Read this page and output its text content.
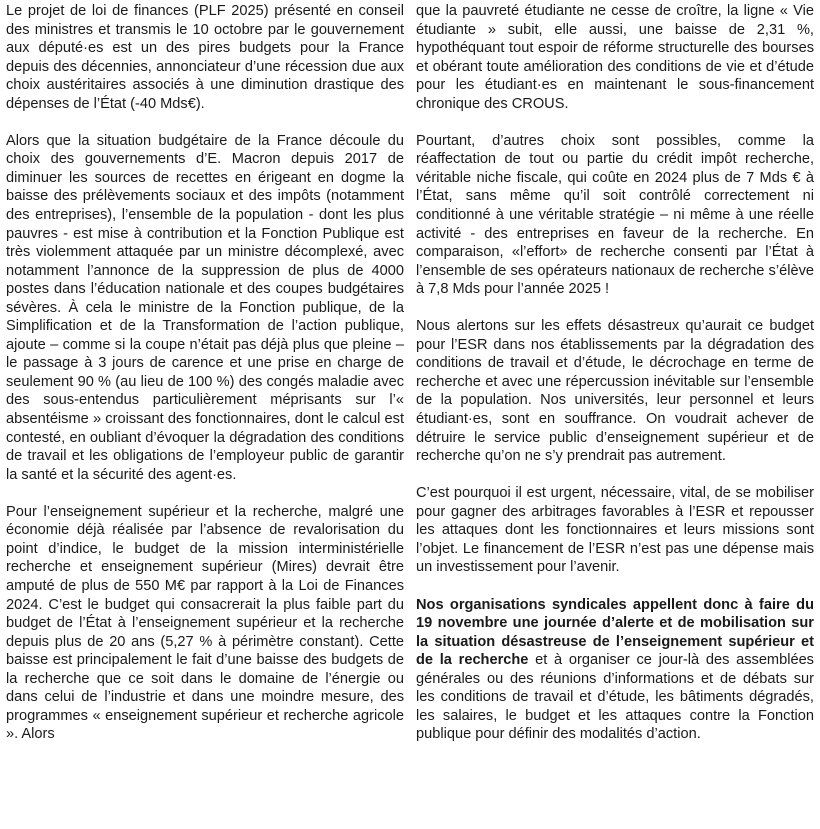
Le projet de loi de finances (PLF 2025) présenté en conseil des ministres et transmis le 10 octobre par le gouvernement aux député·es est un des pires budgets pour la France depuis des décennies, annonciateur d’une récession due aux choix austéritaires associés à une diminution drastique des dépenses de l’État (-40 Mds€).

Alors que la situation budgétaire de la France découle du choix des gouvernements d’E. Macron depuis 2017 de diminuer les sources de recettes en érigeant en dogme la baisse des prélèvements sociaux et des impôts (notamment des entreprises), l’ensemble de la population - dont les plus pauvres - est mise à contribution et la Fonction Publique est très violemment attaquée par un ministre décomplexé, avec notamment l’annonce de la suppression de plus de 4000 postes dans l’éducation nationale et des coupes budgétaires sévères. À cela le ministre de la Fonction publique, de la Simplification et de la Transformation de l’action publique, ajoute – comme si la coupe n’était pas déjà plus que pleine – le passage à 3 jours de carence et une prise en charge de seulement 90 % (au lieu de 100 %) des congés maladie avec des sous-entendus particulièrement méprisants sur l’« absentéisme » croissant des fonctionnaires, dont le calcul est contesté, en oubliant d’évoquer la dégradation des conditions de travail et les obligations de l’employeur public de garantir la santé et la sécurité des agent·es.

Pour l’enseignement supérieur et la recherche, malgré une économie déjà réalisée par l’absence de revalorisation du point d’indice, le budget de la mission interministérielle recherche et enseignement supérieur (Mires) devrait être amputé de plus de 550 M€ par rapport à la Loi de Finances 2024. C’est le budget qui consacrerait la plus faible part du budget de l’État à l’enseignement supérieur et la recherche depuis plus de 20 ans (5,27 % à périmètre constant). Cette baisse est principalement le fait d’une baisse des budgets de la recherche que ce soit dans le domaine de l’énergie ou dans celui de l’industrie et dans une moindre mesure, des programmes « enseignement supérieur et recherche agricole ». Alors

que la pauvreté étudiante ne cesse de croître, la ligne « Vie étudiante » subit, elle aussi, une baisse de 2,31 %, hypothéquant tout espoir de réforme structurelle des bourses et obérant toute amélioration des conditions de vie et d’étude pour les étudiant·es en maintenant le sous-financement chronique des CROUS.

Pourtant, d’autres choix sont possibles, comme la réaffectation de tout ou partie du crédit impôt recherche, véritable niche fiscale, qui coûte en 2024 plus de 7 Mds € à l’État, sans même qu’il soit contrôlé correctement ni conditionné à une véritable stratégie – ni même à une réelle activité - des entreprises en faveur de la recherche. En comparaison, «l’effort» de recherche consenti par l’État à l’ensemble de ses opérateurs nationaux de recherche s’élève à 7,8 Mds pour l’année 2025 !

Nous alertons sur les effets désastreux qu’aurait ce budget pour l’ESR dans nos établissements par la dégradation des conditions de travail et d’étude, le décrochage en terme de recherche et avec une répercussion inévitable sur l’ensemble de la population. Nos universités, leur personnel et leurs étudiant·es, sont en souffrance. On voudrait achever de détruire le service public d’enseignement supérieur et de recherche qu’on ne s’y prendrait pas autrement.

C’est pourquoi il est urgent, nécessaire, vital, de se mobiliser pour gagner des arbitrages favorables à l’ESR et repousser les attaques dont les fonctionnaires et leurs missions sont l’objet. Le financement de l’ESR n’est pas une dépense mais un investissement pour l’avenir.

Nos organisations syndicales appellent donc à faire du 19 novembre une journée d’alerte et de mobilisation sur la situation désastreuse de l’enseignement supérieur et de la recherche et à organiser ce jour-là des assemblées générales ou des réunions d’informations et de débats sur les conditions de travail et d’étude, les bâtiments dégradés, les salaires, le budget et les attaques contre la Fonction publique pour définir des modalités d’action.
